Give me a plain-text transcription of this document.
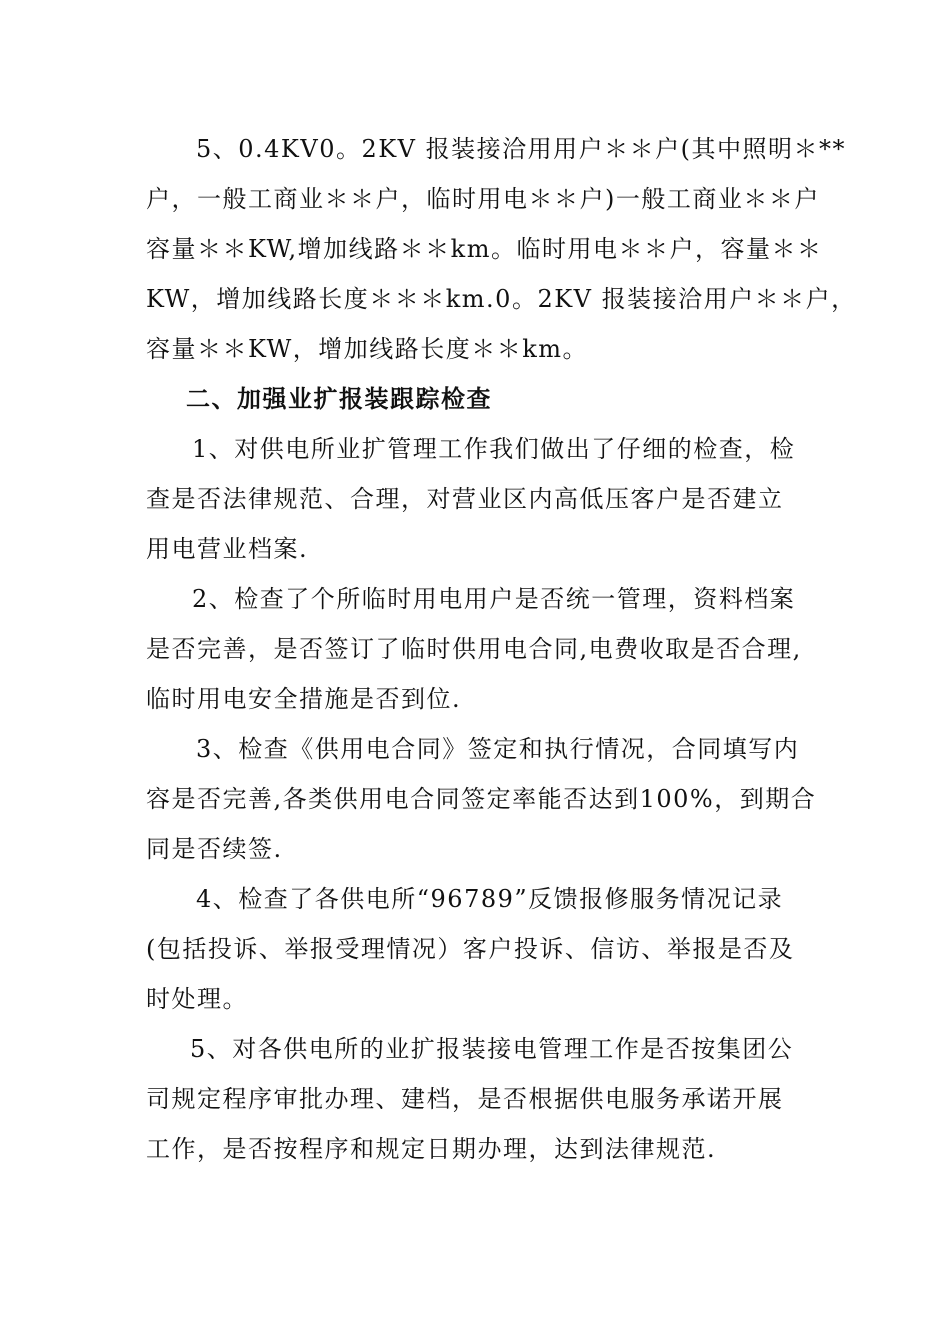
5、0.4KV0。2KV 报装接洽用用户＊＊户(其中照明＊**
户，一般工商业＊＊户，临时用电＊＊户)一般工商业＊＊户
容量＊＊KW,增加线路＊＊km。临时用电＊＊户，容量＊＊
KW，增加线路长度＊＊＊km.0。2KV 报装接洽用户＊＊户，
容量＊＊KW，增加线路长度＊＊km。
二、加强业扩报装跟踪检查
1、对供电所业扩管理工作我们做出了仔细的检查，检
查是否法律规范、合理，对营业区内高低压客户是否建立
用电营业档案.
2、检查了个所临时用电用户是否统一管理，资料档案
是否完善，是否签订了临时供用电合同,电费收取是否合理,
临时用电安全措施是否到位.
3、检查《供用电合同》签定和执行情况，合同填写内
容是否完善,各类供用电合同签定率能否达到100%，到期合
同是否续签.
4、检查了各供电所“96789”反馈报修服务情况记录
(包括投诉、举报受理情况）客户投诉、信访、举报是否及
时处理。
5、对各供电所的业扩报装接电管理工作是否按集团公
司规定程序审批办理、建档，是否根据供电服务承诺开展
工作，是否按程序和规定日期办理，达到法律规范.
